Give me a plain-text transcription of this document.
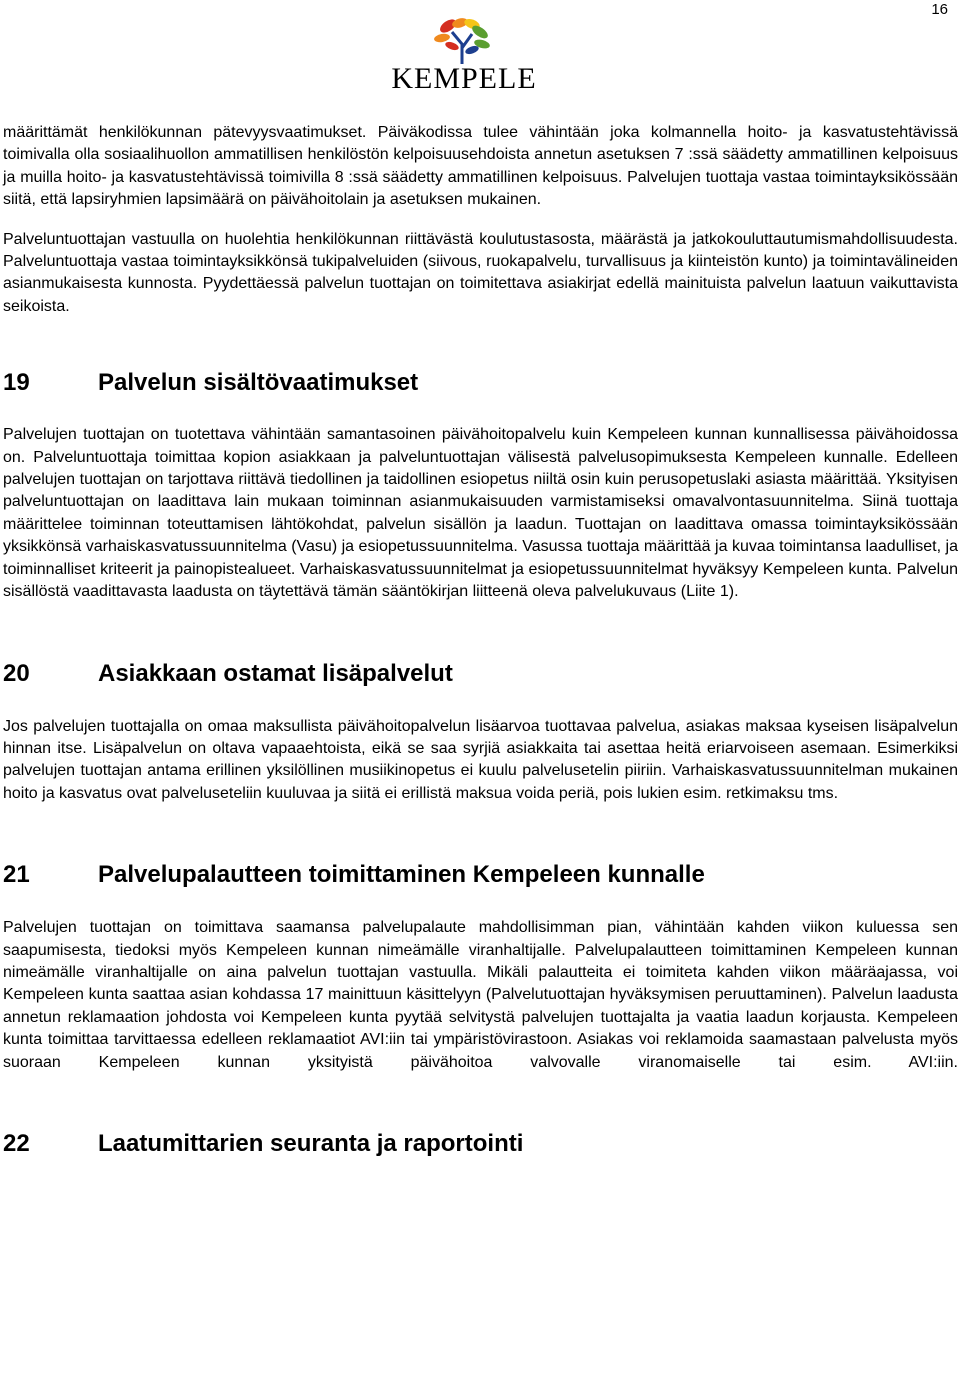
16
KEMPELE

määrittämät henkilökunnan pätevyysvaatimukset. Päiväkodissa tulee vähintään joka kolmannella hoito- ja kasvatustehtävissä toimivalla olla sosiaalihuollon ammatillisen henkilöstön kelpoisuusehdoista annetun asetuksen 7 :ssä säädetty ammatillinen kelpoisuus ja muilla hoito- ja kasvatustehtävissä toimivilla 8 :ssä säädetty ammatillinen kelpoisuus. Palvelujen tuottaja vastaa toimintayksikössään siitä, että lapsiryhmien lapsimäärä on päivähoitolain ja asetuksen mukainen.

Palveluntuottajan vastuulla on huolehtia henkilökunnan riittävästä koulutustasosta, määrästä ja jatkokouluttautumismahdollisuudesta. Palveluntuottaja vastaa toimintayksikkönsä tukipalveluiden (siivous, ruokapalvelu, turvallisuus ja kiinteistön kunto) ja toimintavälineiden asianmukaisesta kunnosta. Pyydettäessä palvelun tuottajan on toimitettava asiakirjat edellä mainituista palvelun laatuun vaikuttavista seikoista.

19	Palvelun sisältövaatimukset

Palvelujen tuottajan on tuotettava vähintään samantasoinen päivähoitopalvelu kuin Kempeleen kunnan kunnallisessa päivähoidossa on. Palveluntuottaja toimittaa kopion asiakkaan ja palveluntuottajan välisestä palvelusopimuksesta Kempeleen kunnalle. Edelleen palvelujen tuottajan on tarjottava riittävä tiedollinen ja taidollinen esiopetus niiltä osin kuin perusopetuslaki asiasta määrittää. Yksityisen palveluntuottajan on laadittava lain mukaan toiminnan asianmukaisuuden varmistamiseksi omavalvontasuunnitelma. Siinä tuottaja määrittelee toiminnan toteuttamisen lähtökohdat, palvelun sisällön ja laadun. Tuottajan on laadittava omassa toimintayksikössään yksikkönsä varhaiskasvatussuunnitelma (Vasu) ja esiopetussuunnitelma. Vasussa tuottaja määrittää ja kuvaa toimintansa laadulliset, ja toiminnalliset kriteerit ja painopistealueet. Varhaiskasvatussuunnitelmat ja esiopetussuunnitelmat hyväksyy Kempeleen kunta. Palvelun sisällöstä vaadittavasta laadusta on täytettävä tämän sääntökirjan liitteenä oleva palvelukuvaus (Liite 1).

20	Asiakkaan ostamat lisäpalvelut

Jos palvelujen tuottajalla on omaa maksullista päivähoitopalvelun lisäarvoa tuottavaa palvelua, asiakas maksaa kyseisen lisäpalvelun hinnan itse. Lisäpalvelun on oltava vapaaehtoista, eikä se saa syrjiä asiakkaita tai asettaa heitä eriarvoiseen asemaan. Esimerkiksi palvelujen tuottajan antama erillinen yksilöllinen musiikinopetus ei kuulu palvelusetelin piiriin. Varhaiskasvatussuunnitelman mukainen hoito ja kasvatus ovat palveluseteliin kuuluvaa ja siitä ei erillistä maksua voida periä, pois lukien esim. retkimaksu tms.

21	Palvelupalautteen toimittaminen Kempeleen kunnalle

Palvelujen tuottajan on toimittava saamansa palvelupalaute mahdollisimman pian, vähintään kahden viikon kuluessa sen saapumisesta, tiedoksi myös Kempeleen kunnan nimeämälle viranhaltijalle. Palvelupalautteen toimittaminen Kempeleen kunnan nimeämälle viranhaltijalle on aina palvelun tuottajan vastuulla. Mikäli palautteita ei toimiteta kahden viikon määräajassa, voi Kempeleen kunta saattaa asian kohdassa 17 mainittuun käsittelyyn (Palvelutuottajan hyväksymisen peruuttaminen). Palvelun laadusta annetun reklamaation johdosta voi Kempeleen kunta pyytää selvitystä palvelujen tuottajalta ja vaatia laadun korjausta. Kempeleen kunta toimittaa tarvittaessa edelleen reklamaatiot AVI:iin tai ympäristövirastoon. Asiakas voi reklamoida saamastaan palvelusta myös suoraan Kempeleen kunnan yksityistä päivähoitoa valvovalle viranomaiselle tai esim. AVI:iin.

22	Laatumittarien seuranta ja raportointi
